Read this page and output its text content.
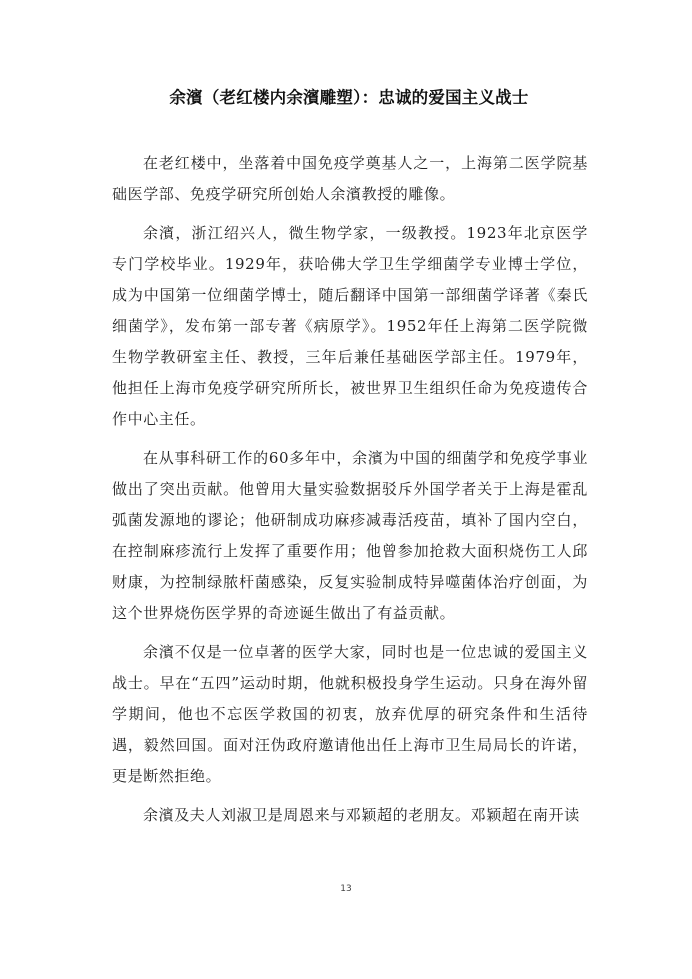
余濱（老红楼内余濱雕塑）：忠诚的爱国主义战士

在老红楼中，坐落着中国免疫学奠基人之一，上海第二医学院基础医学部、免疫学研究所创始人余濱教授的雕像。

余濱，浙江绍兴人，微生物学家，一级教授。1923年北京医学专门学校毕业。1929年，获哈佛大学卫生学细菌学专业博士学位，成为中国第一位细菌学博士，随后翻译中国第一部细菌学译著《秦氏细菌学》，发布第一部专著《病原学》。1952年任上海第二医学院微生物学教研室主任、教授，三年后兼任基础医学部主任。1979年，他担任上海市免疫学研究所所长，被世界卫生组织任命为免疫遗传合作中心主任。

在从事科研工作的60多年中，余濱为中国的细菌学和免疫学事业做出了突出贡献。他曾用大量实验数据驳斥外国学者关于上海是霍乱弧菌发源地的谬论；他研制成功麻疹减毒活疫苗，填补了国内空白，在控制麻疹流行上发挥了重要作用；他曾参加抢救大面积烧伤工人邱财康，为控制绿脓杆菌感染，反复实验制成特异噬菌体治疗创面，为这个世界烧伤医学界的奇迹诞生做出了有益贡献。

余濱不仅是一位卓著的医学大家，同时也是一位忠诚的爱国主义战士。早在“五四”运动时期，他就积极投身学生运动。只身在海外留学期间，他也不忘医学救国的初衷，放弃优厚的研究条件和生活待遇，毅然回国。面对汪伪政府邀请他出任上海市卫生局局长的许诺，更是断然拒绝。

余濱及夫人刘淑卫是周恩来与邓颖超的老朋友。邓颖超在南开读

13
